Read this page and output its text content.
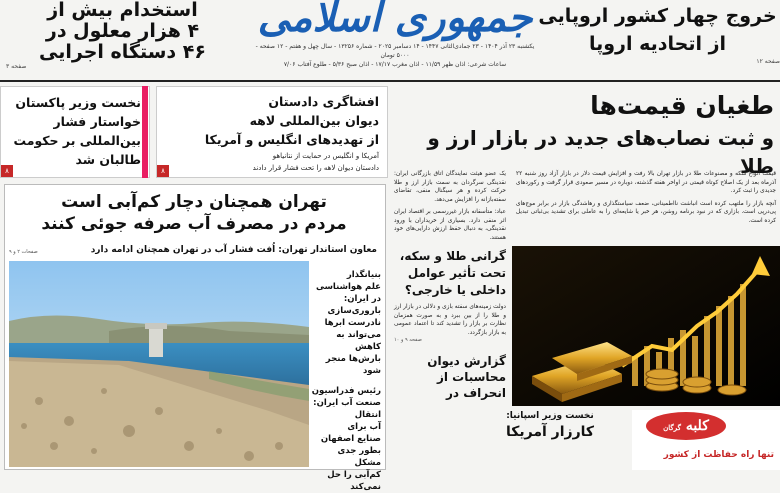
استخدام بیش از
۴ هزار معلول در
۴۶ دستگاه اجرایی
صفحه ۳
جمهوری اسلامی
یکشنبه ۲۳ آذر ۱۴۰۴ - ۲۳ جمادی‌الثانی ۱۴۴۷ - ۱۴ دسامبر ۲۰۲۵ - شماره ۱۳۲۵۶ - سال چهل و هفتم - ۱۲ صفحه - ۵۰۰۰ تومان
ساعات شرعی: اذان ظهر ۱۱/۵۹ - اذان مغرب ۱۷/۱۷ - اذان صبح ۵/۳۶ - طلوع آفتاب ۷/۰۶
خروج چهار کشور اروپایی
از اتحادیه اروپا
صفحه ۱۲
نخست وزیر پاکستان
خواستار فشار
بین‌المللی بر حکومت
طالبان شد
۸
افشاگری دادستان
دیوان بین‌المللی لاهه
از تهدیدهای انگلیس و آمریکا
آمریکا و انگلیس در حمایت از نتانیاهو
دادستان دیوان لاهه را تحت فشار قرار دادند
۸
طغیان قیمت‌ها
و ثبت نصاب‌های جدید در بازار ارز و طلا
تهران همچنان دچار کم‌آبی است
مردم در مصرف آب صرفه جوئی کنند
معاون استاندار تهران: اُفت فشار آب در تهران همچنان ادامه دارد
صفحات ۲ و ۹
بنیانگذار
علم هواشناسی
در ایران:
باروری‌سازی
نادرست ابرها
می‌تواند به کاهش
بارش‌ها منجر شود
رئیس فدراسیون
صنعت آب ایران:
انتقال
آب برای
صنایع اصفهان
بطور جدی
مشکل
کم‌آبی را حل
نمی‌کند
یک عضو هیئت نمایندگان اتاق بازرگانی ایران: نقدینگی سرگردان به سمت بازار ارز و طلا حرکت کرده و هر سیگنال منفی، تقاضای سفته‌بازانه را افزایش می‌دهد.
عباد: متأسفانه بازار غیررسمی بر اقتصاد ایران اثر منفی دارد. بسیاری از خریداران با ورود نقدینگی، به دنبال حفظ ارزش دارایی‌های خود هستند.
گرانی طلا و سکه،
تحت تأثیر عوامل
داخلی یا خارجی؟
دولت زمینه‌های سفته بازی و دلالی در بازار ارز و طلا را از بین ببرد و به صورت همزمان نظارت بر بازار را تشدید کند تا اعتماد عمومی به بازار بازگردد.
صفحه ۹ و ۱۰
گزارش دیوان
محاسبات از
انحراف در
قیمت انواع سکه و مصنوعات طلا در بازار تهران بالا رفت و افزایش قیمت دلار در بازار آزاد روز شنبه ۲۲ آذرماه بعد از یک اصلاح کوتاه قیمتی در اواخر هفته گذشته، دوباره در مسیر صعودی قرار گرفت و رکوردهای جدیدی را ثبت کرد.
آنچه بازار را ملتهب کرده است انباشت نااطمینانی، ضعف سیاستگذاری و رهاشدگی بازار در برابر موج‌های پی‌درپی است. بازاری که در نبود برنامه روشن، هر خبر یا شایعه‌ای را به عاملی برای تشدید بی‌ثباتی تبدیل کرده است.
نخست وزیر اسپانیا:
کارزار آمریکا	کلبه گرگان
تنها راه حفاظت از کشور
